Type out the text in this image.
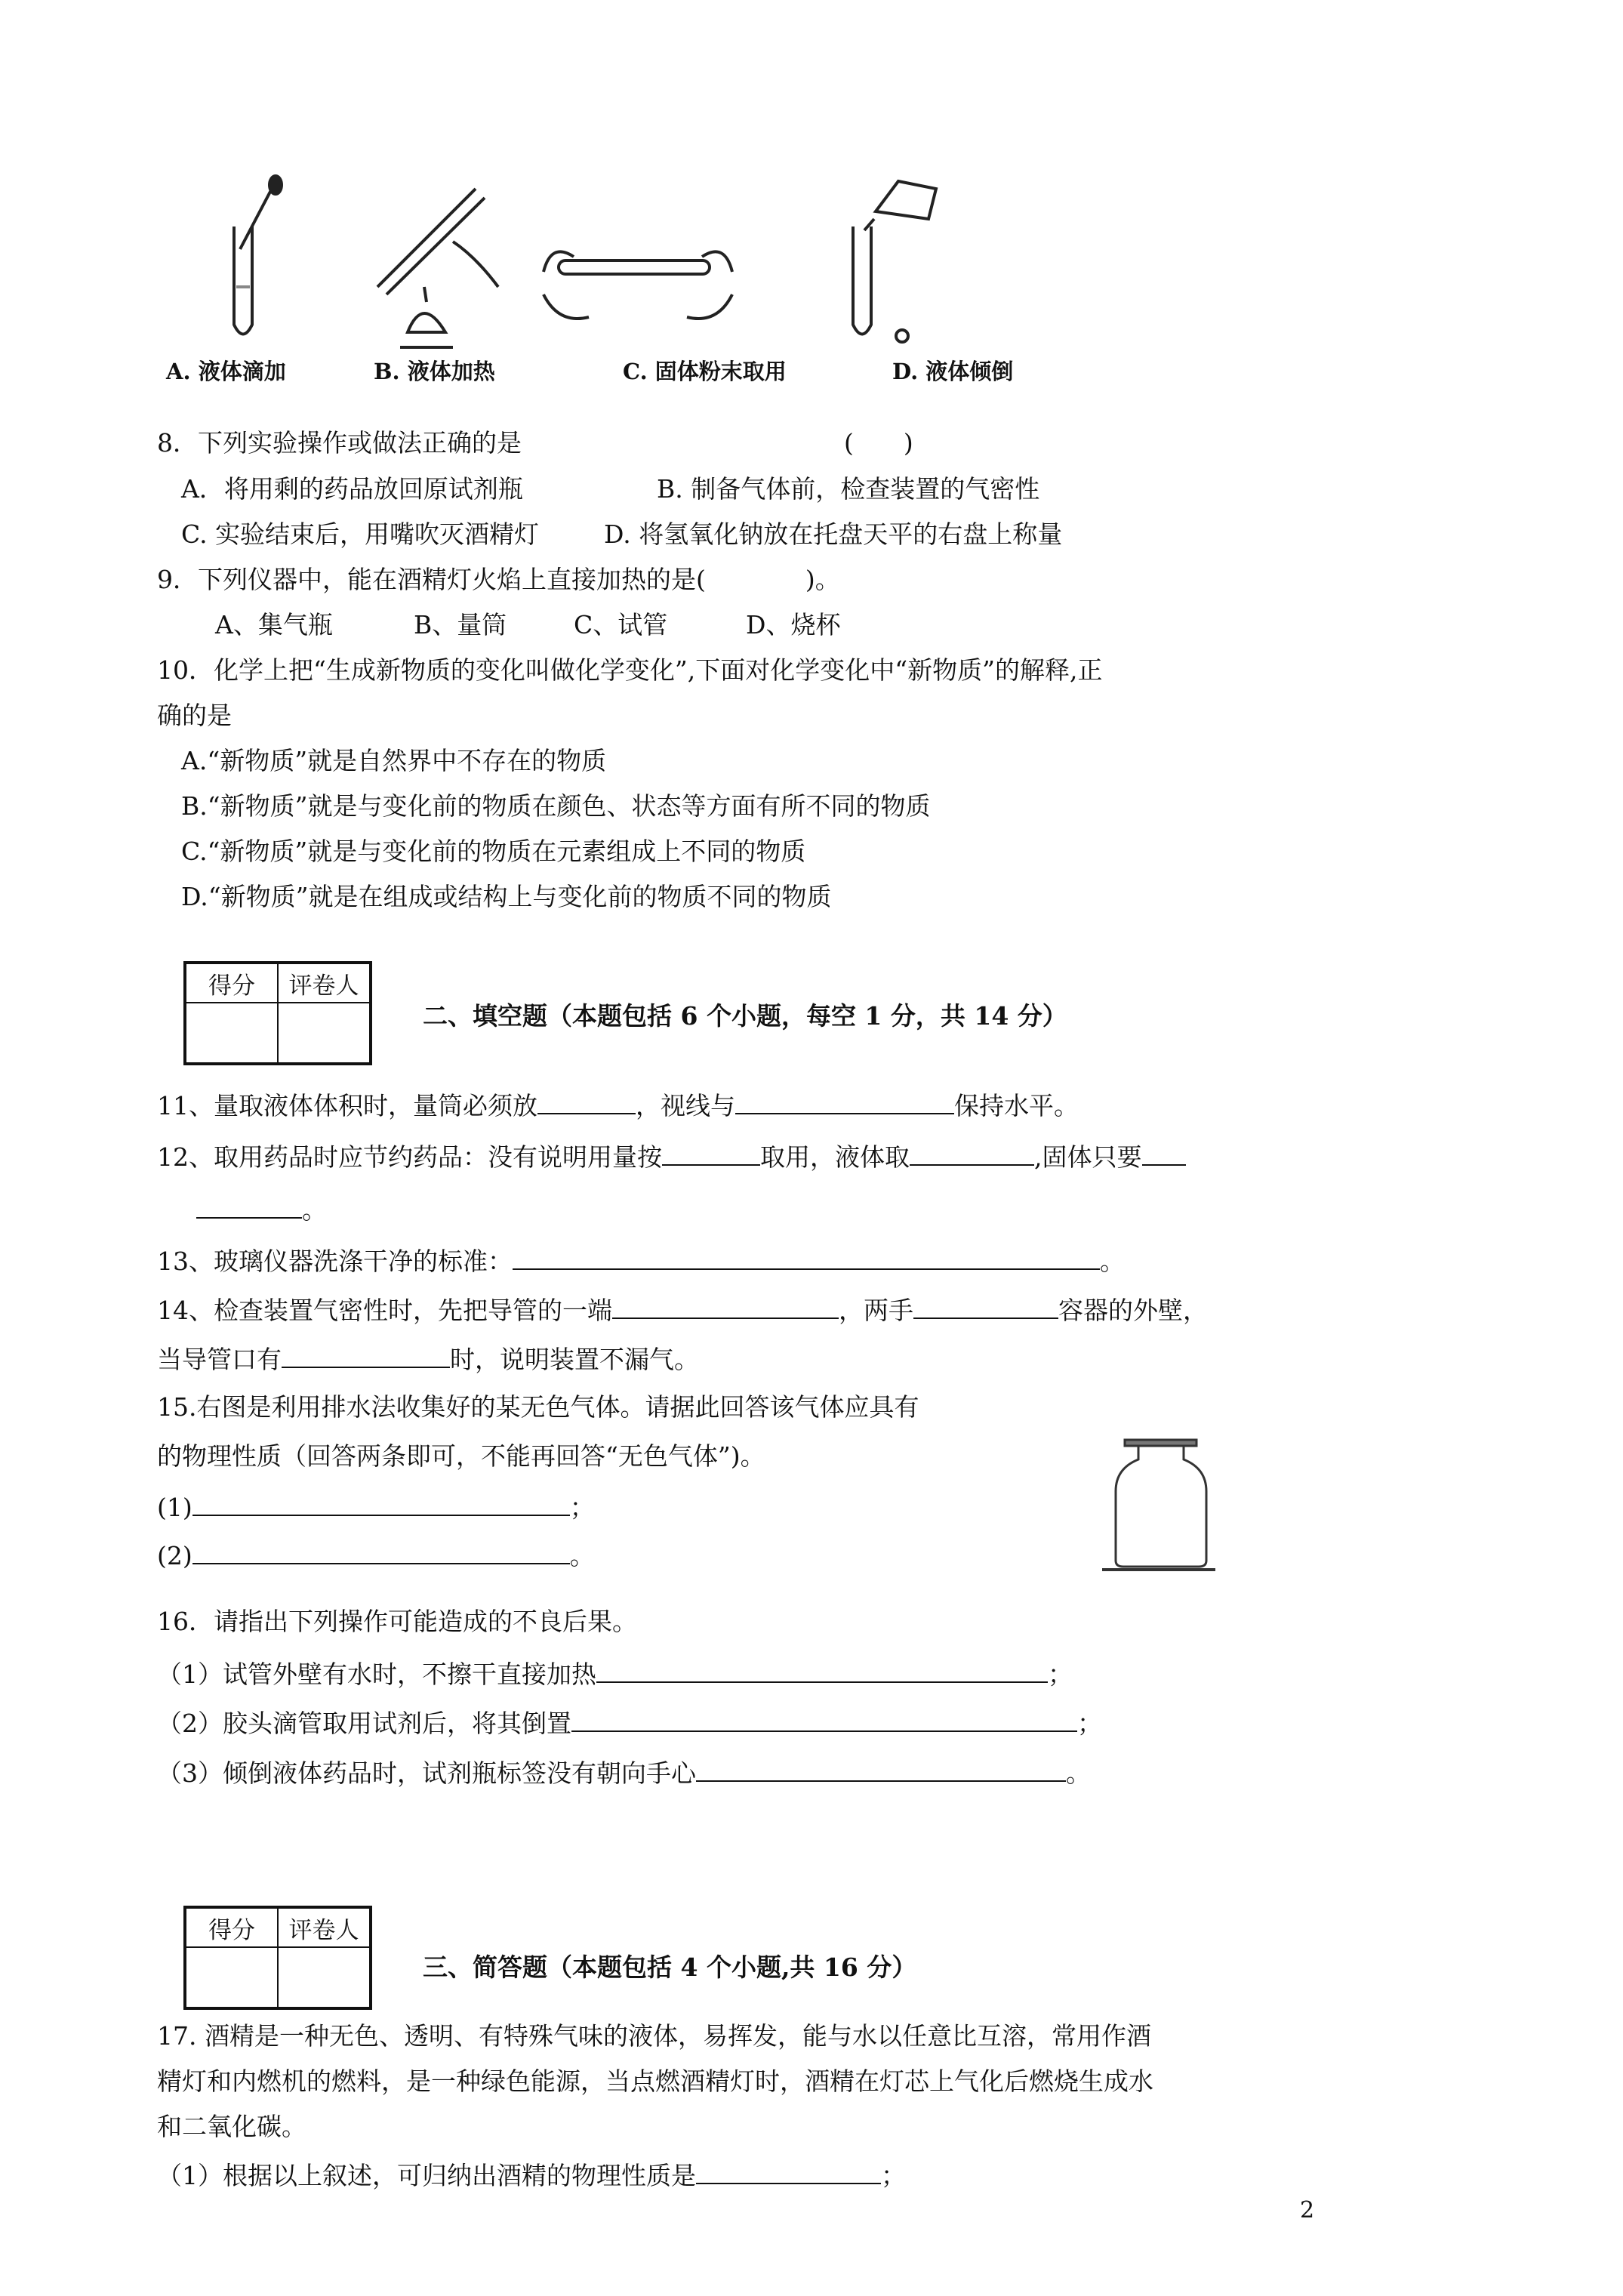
A. 液体滴加	B. 液体加热	C. 固体粉末取用	D. 液体倾倒
8．下列实验操作或做法正确的是	(　　)
A．将用剩的药品放回原试剂瓶	B. 制备气体前，检查装置的气密性
C. 实验结束后，用嘴吹灭酒精灯	D. 将氢氧化钠放在托盘天平的右盘上称量
9．下列仪器中，能在酒精灯火焰上直接加热的是(　　　　)。
A、集气瓶	B、量筒	C、试管	D、烧杯
10．化学上把“生成新物质的变化叫做化学变化”,下面对化学变化中“新物质”的解释,正
确的是
A.“新物质”就是自然界中不存在的物质
B.“新物质”就是与变化前的物质在颜色、状态等方面有所不同的物质
C.“新物质”就是与变化前的物质在元素组成上不同的物质
D.“新物质”就是在组成或结构上与变化前的物质不同的物质
得分	评卷人

二、填空题（本题包括 6 个小题，每空 1 分，共 14 分）
11、量取液体体积时，量筒必须放	，视线与	保持水平。
12、取用药品时应节约药品：没有说明用量按	取用，液体取	,固体只要
。
13、玻璃仪器洗涤干净的标准：	。
14、检查装置气密性时，先把导管的一端	，两手	容器的外壁，
当导管口有	时，说明装置不漏气。
15.右图是利用排水法收集好的某无色气体。请据此回答该气体应具有
的物理性质（回答两条即可，不能再回答“无色气体”)。
(1)	；
(2)	。
16．请指出下列操作可能造成的不良后果。
（1）试管外壁有水时，不擦干直接加热	；
（2）胶头滴管取用试剂后，将其倒置	；
（3）倾倒液体药品时，试剂瓶标签没有朝向手心	。
得分	评卷人

三、简答题（本题包括 4 个小题,共 16 分）
17. 酒精是一种无色、透明、有特殊气味的液体，易挥发，能与水以任意比互溶，常用作酒
精灯和内燃机的燃料，是一种绿色能源，当点燃酒精灯时，酒精在灯芯上气化后燃烧生成水
和二氧化碳。
（1）根据以上叙述，可归纳出酒精的物理性质是	；
2
